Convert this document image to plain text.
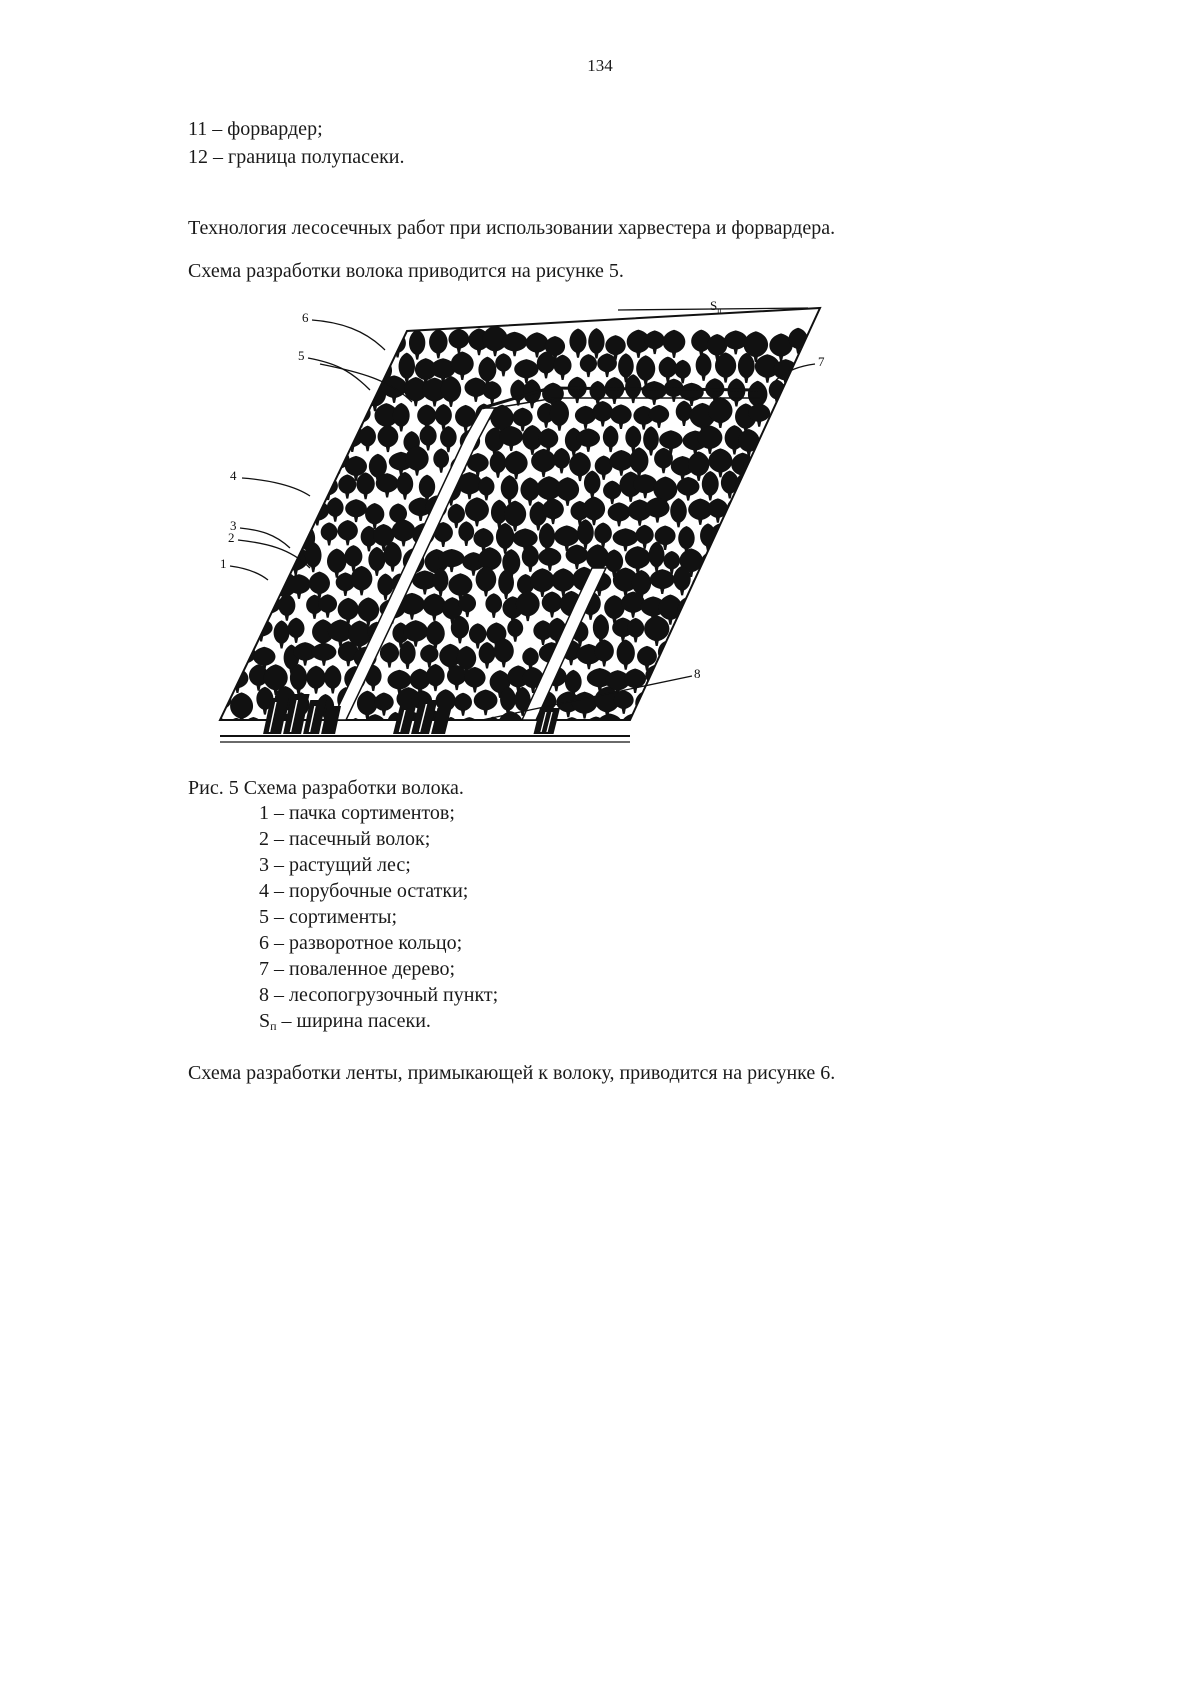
134
11 – форвардер;
12 – граница полупасеки.
Технология лесосечных работ при использовании харвестера и форвардера.
Схема разработки волока приводится на рисунке 5.
6
5
4
3
2
1
7
8
$S_п$
Рис. 5 Схема разработки волока.
1 – пачка сортиментов;
2 – пасечный волок;
3 – растущий лес;
4 – порубочные остатки;
5 – сортименты;
6 – разворотное кольцо;
7 – поваленное дерево;
8 – лесопогрузочный пункт;
$S_п$ – ширина пасеки.
Схема разработки ленты, примыкающей к волоку, приводится на рисунке 6.
